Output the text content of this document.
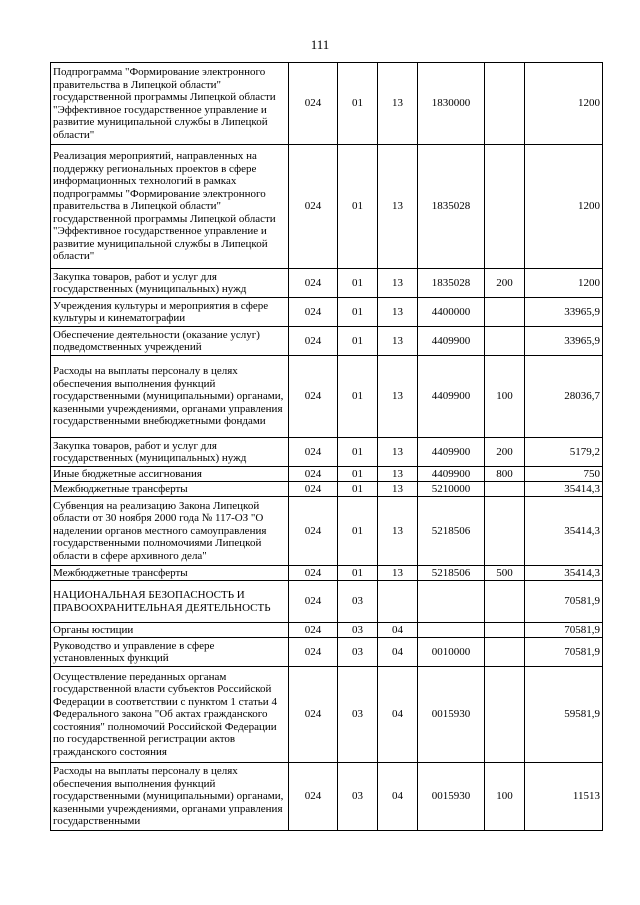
111
Подпрограмма "Формирование электронного правительства в Липецкой области" государственной программы Липецкой области "Эффективное государственное управление и развитие муниципальной службы в Липецкой области"	024	01	13	1830000		1200
Реализация мероприятий, направленных на поддержку региональных проектов в сфере информационных технологий в рамках подпрограммы "Формирование электронного правительства в Липецкой области" государственной программы Липецкой области "Эффективное государственное управление и развитие муниципальной службы в Липецкой области"	024	01	13	1835028		1200
Закупка товаров, работ и услуг для государственных (муниципальных) нужд	024	01	13	1835028	200	1200
Учреждения культуры и мероприятия в сфере культуры и кинематографии	024	01	13	4400000		33965,9
Обеспечение деятельности (оказание услуг) подведомственных учреждений	024	01	13	4409900		33965,9
Расходы на выплаты персоналу в целях обеспечения выполнения функций государственными (муниципальными) органами, казенными учреждениями, органами управления государственными внебюджетными фондами	024	01	13	4409900	100	28036,7
Закупка товаров, работ и услуг для государственных (муниципальных) нужд	024	01	13	4409900	200	5179,2
Иные бюджетные ассигнования	024	01	13	4409900	800	750
Межбюджетные трансферты	024	01	13	5210000		35414,3
Субвенция на реализацию Закона Липецкой области от 30 ноября 2000 года № 117-ОЗ "О наделении органов местного самоуправления государственными полномочиями Липецкой области в сфере архивного дела"	024	01	13	5218506		35414,3
Межбюджетные трансферты	024	01	13	5218506	500	35414,3
НАЦИОНАЛЬНАЯ БЕЗОПАСНОСТЬ И ПРАВООХРАНИТЕЛЬНАЯ ДЕЯТЕЛЬНОСТЬ	024	03				70581,9
Органы юстиции	024	03	04			70581,9
Руководство и управление в сфере установленных функций	024	03	04	0010000		70581,9
Осуществление переданных органам государственной власти субъектов Российской Федерации в соответствии с пунктом 1 статьи 4 Федерального закона "Об актах гражданского состояния" полномочий Российской Федерации по государственной регистрации актов гражданского состояния	024	03	04	0015930		59581,9
Расходы на выплаты персоналу в целях обеспечения выполнения функций государственными (муниципальными) органами, казенными учреждениями, органами управления государственными	024	03	04	0015930	100	11513
